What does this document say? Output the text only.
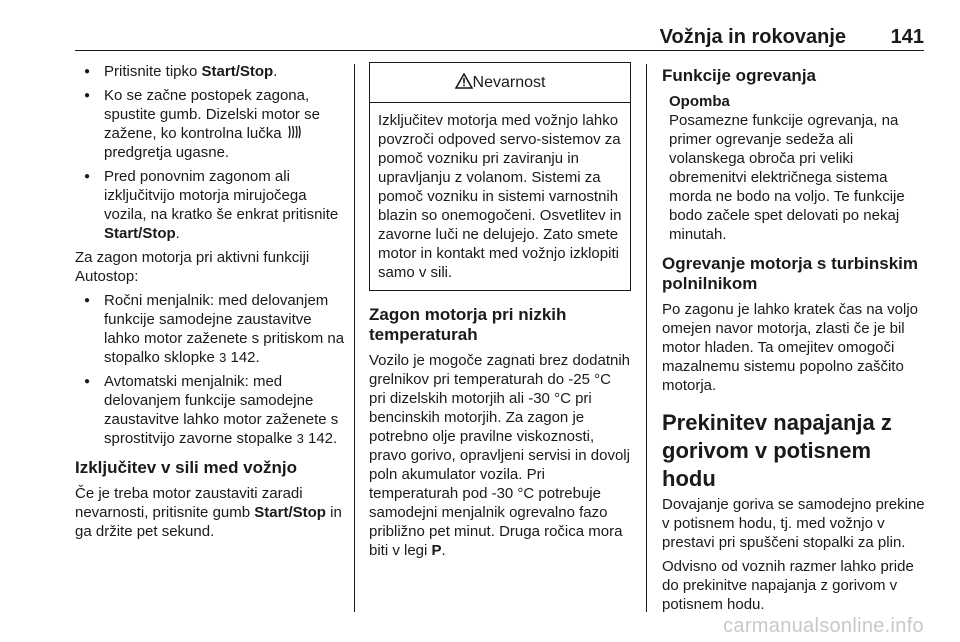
Vožnja in rokovanje 141
● Pritisnite tipko Start/Stop.
● Ko se začne postopek zagona, spustite gumb. Dizelski motor se zažene, ko kontrolna lučka  predgretja ugasne.
● Pred ponovnim zagonom ali izključitvijo motorja mirujočega vozila, na kratko še enkrat pritisnite Start/Stop.

Za zagon motorja pri aktivni funkciji Autostop:

● Ročni menjalnik: med delovanjem funkcije samodejne zaustavitve lahko motor zaženete s pritiskom na stopalko sklopke 3 142.
● Avtomatski menjalnik: med delovanjem funkcije samodejne zaustavitve lahko motor zaženete s sprostitvijo zavorne stopalke 3 142.
Izključitev v sili med vožnjo

Če je treba motor zaustaviti zaradi nevarnosti, pritisnite gumb Start/Stop in ga držite pet sekund.

Nevarnost
Izključitev motorja med vožnjo lahko povzroči odpoved servo-sistemov za pomoč vozniku pri zaviranju in upravljanju z volanom. Sistemi za pomoč vozniku in sistemi varnostnih blazin so onemogočeni. Osvetlitev in zavorne luči ne delujejo. Zato smete motor in kontakt med vožnjo izklopiti samo v sili.
Zagon motorja pri nizkih temperaturah

Vozilo je mogoče zagnati brez dodatnih grelnikov pri temperaturah do -25 °C pri dizelskih motorjih ali -30 °C pri bencinskih motorjih. Za zagon je potrebno olje pravilne viskoznosti, pravo gorivo, opravljeni servisi in dovolj poln akumulator vozila. Pri temperaturah pod -30 °C potrebuje samodejni menjalnik ogrevalno fazo približno pet minut. Druga ročica mora biti v legi P.

Funkcije ogrevanja
Opomba

Posamezne funkcije ogrevanja, na primer ogrevanje sedeža ali volanskega obroča pri veliki obremenitvi električnega sistema morda ne bodo na voljo. Te funkcije bodo začele spet delovati po nekaj minutah.

Ogrevanje motorja s turbinskim polnilnikom

Po zagonu je lahko kratek čas na voljo omejen navor motorja, zlasti če je bil motor hladen. Ta omejitev omogoči mazalnemu sistemu popolno zaščito motorja.

Prekinitev napajanja z gorivom v potisnem hodu

Dovajanje goriva se samodejno prekine v potisnem hodu, tj. med vožnjo v prestavi pri spuščeni stopalki za plin.

Odvisno od voznih razmer lahko pride do prekinitve napajanja z gorivom v potisnem hodu.

carmanualsonline.info
